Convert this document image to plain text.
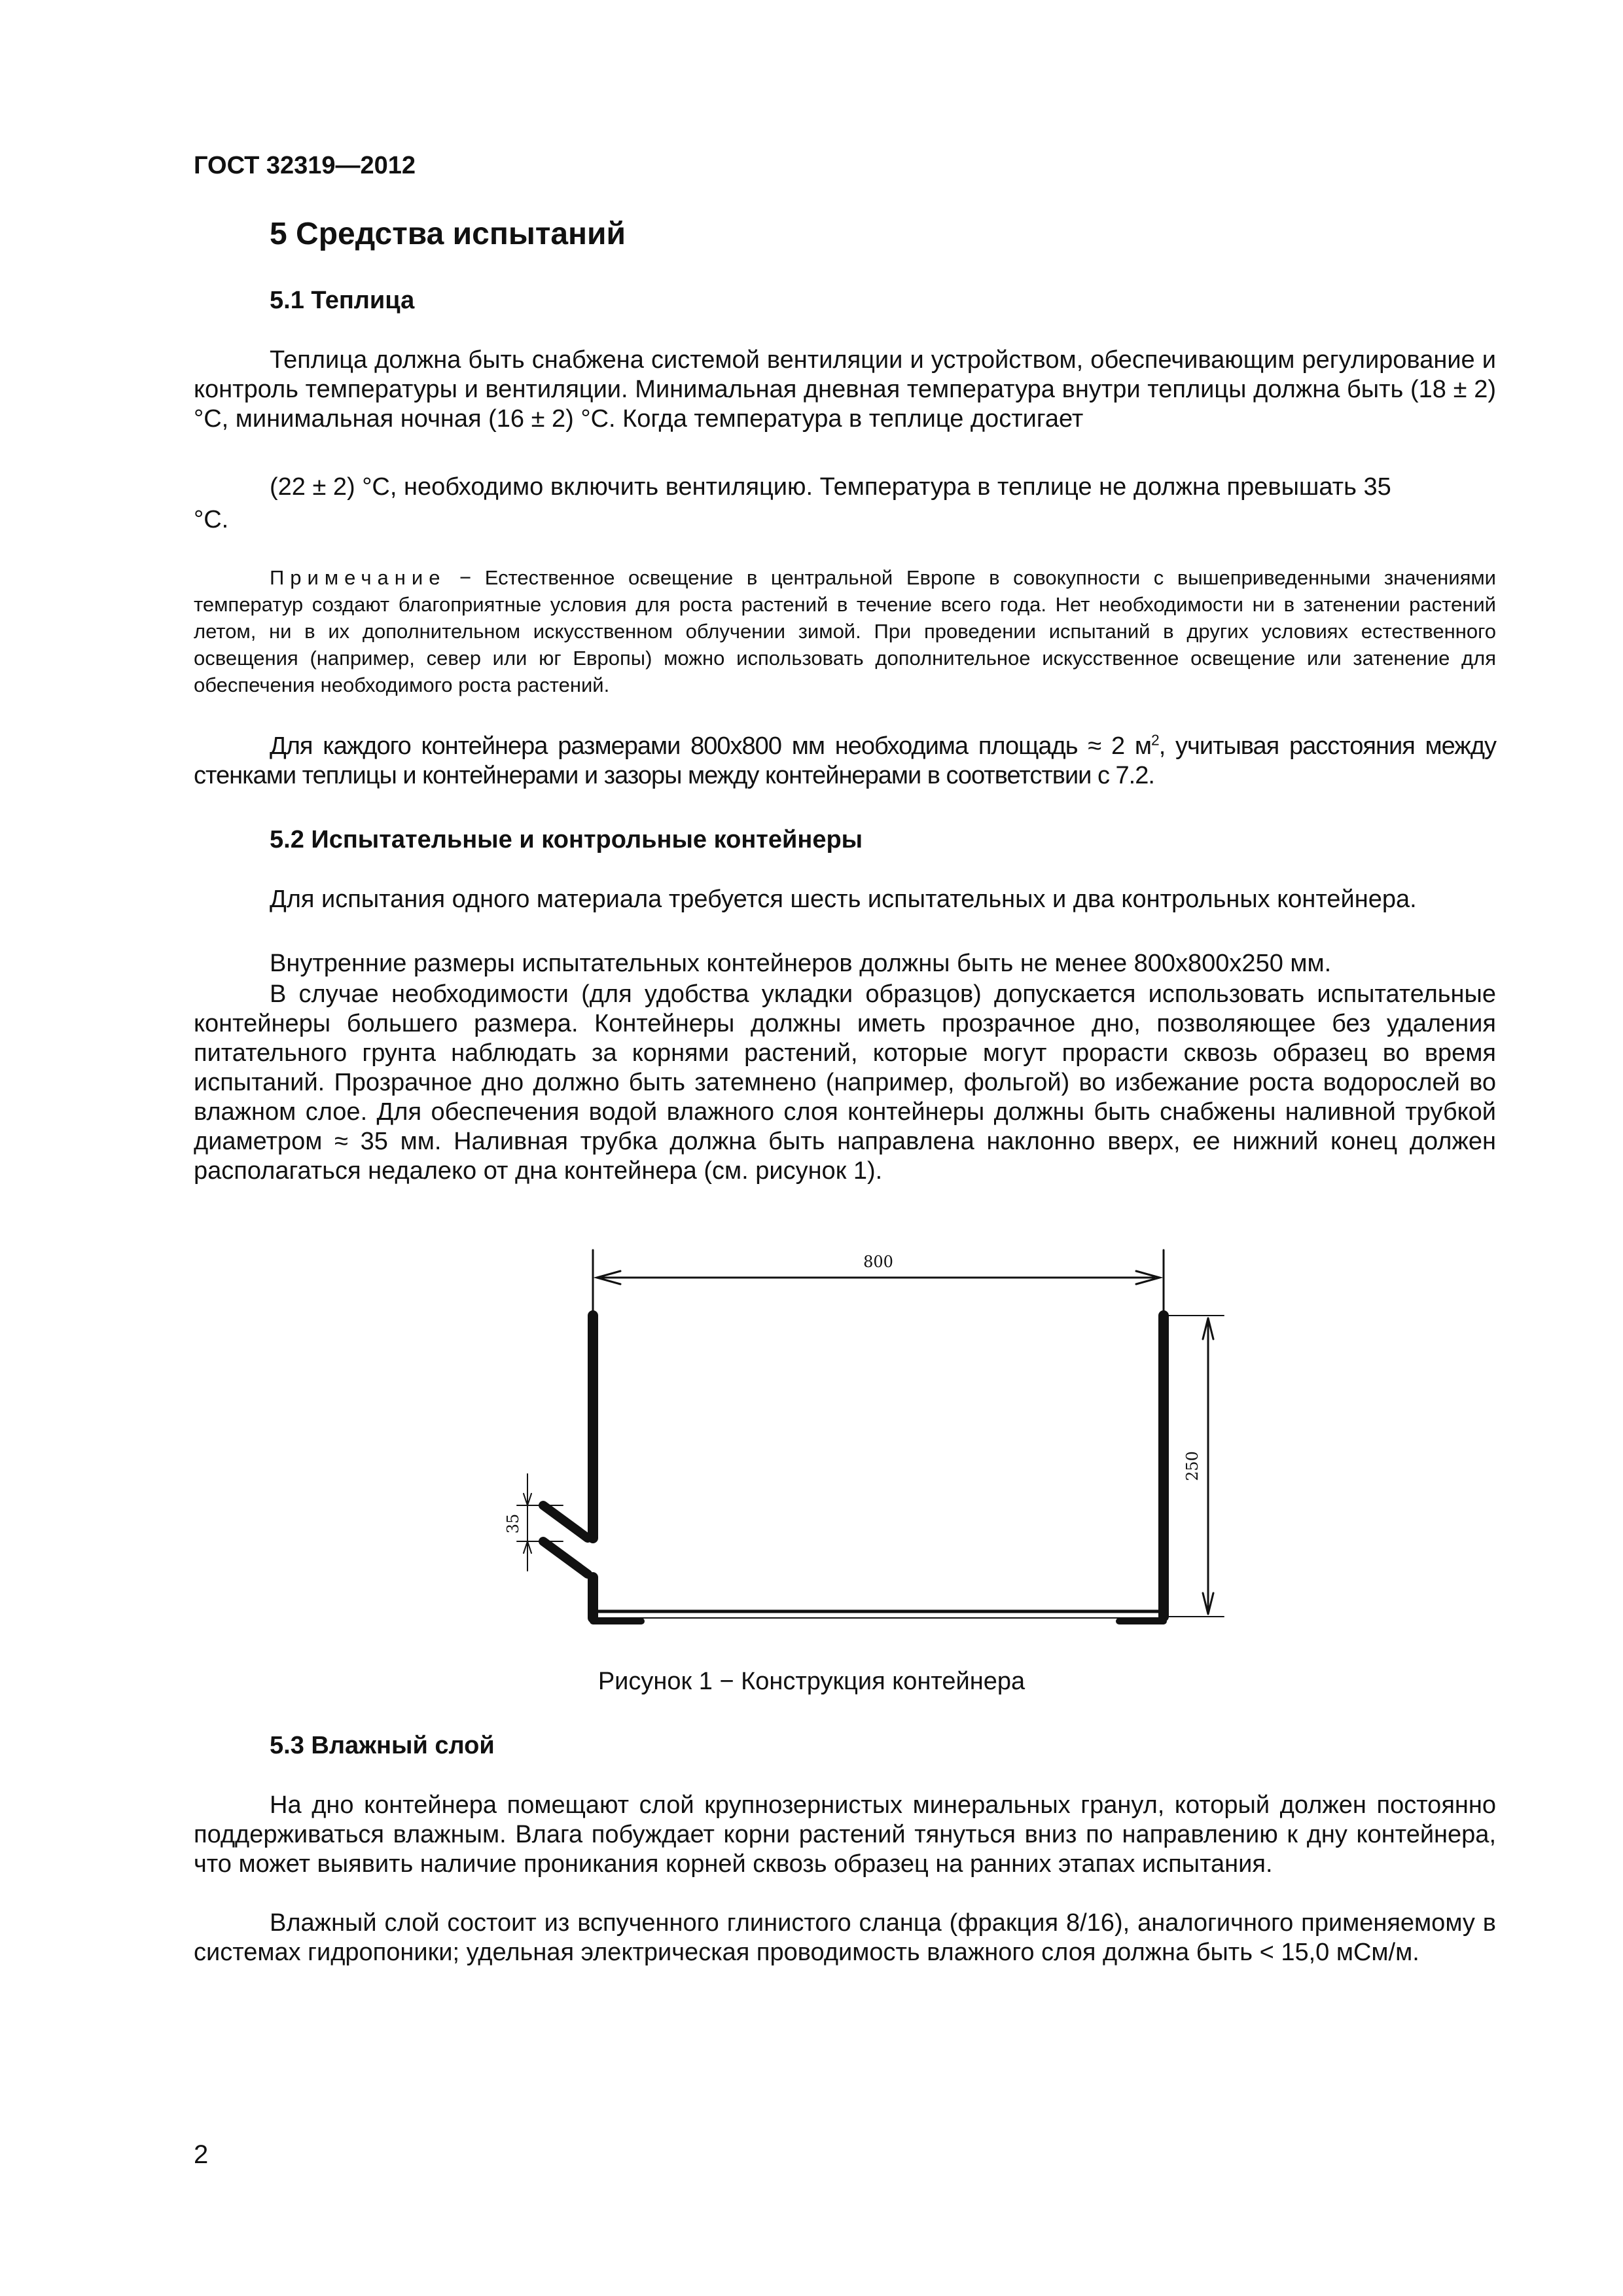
ГОСТ 32319—2012
5 Средства испытаний
5.1 Теплица
Теплица должна быть снабжена системой вентиляции и устройством, обеспечивающим регулирование и контроль температуры и вентиляции. Минимальная дневная температура внутри теплицы должна быть (18 ± 2) °С, минимальная ночная (16 ± 2) °С. Когда температура в теплице достигает
(22 ± 2) °С, необходимо включить вентиляцию. Температура в теплице не должна превышать 35
°С.
Примечание − Естественное освещение в центральной Европе в совокупности с вышеприведенными значениями температур создают благоприятные условия для роста растений в течение всего года. Нет необходимости ни в затенении растений летом, ни в их дополнительном искусственном облучении зимой. При проведении испытаний в других условиях естественного освещения (например, север или юг Европы) можно использовать дополнительное искусственное освещение или затенение для обеспечения необходимого роста растений.
Для каждого контейнера размерами 800х800 мм необходима площадь ≈ 2 $м^2$, учитывая расстояния между стенками теплицы и контейнерами и зазоры между контейнерами в соответствии с 7.2.
5.2 Испытательные и контрольные контейнеры
Для испытания одного материала требуется шесть испытательных и два контрольных контейнера.
Внутренние размеры испытательных контейнеров должны быть не менее 800х800х250 мм.
В случае необходимости (для удобства укладки образцов) допускается использовать испытательные контейнеры большего размера. Контейнеры должны иметь прозрачное дно, позволяющее без удаления питательного грунта наблюдать за корнями растений, которые могут прорасти сквозь образец во время испытаний. Прозрачное дно должно быть затемнено (например, фольгой) во избежание роста водорослей во влажном слое. Для обеспечения водой влажного слоя контейнеры должны быть снабжены наливной трубкой диаметром ≈ 35 мм. Наливная трубка должна быть направлена наклонно вверх, ее нижний конец должен располагаться недалеко от дна контейнера (см. рисунок 1).
800
250
35
Рисунок 1 − Конструкция контейнера
5.3 Влажный слой
На дно контейнера помещают слой крупнозернистых минеральных гранул, который должен постоянно поддерживаться влажным. Влага побуждает корни растений тянуться вниз по направлению к дну контейнера, что может выявить наличие проникания корней сквозь образец на ранних этапах испытания.
Влажный слой состоит из вспученного глинистого сланца (фракция 8/16), аналогичного применяемому в системах гидропоники; удельная электрическая проводимость влажного слоя должна быть < 15,0 мСм/м.
2
